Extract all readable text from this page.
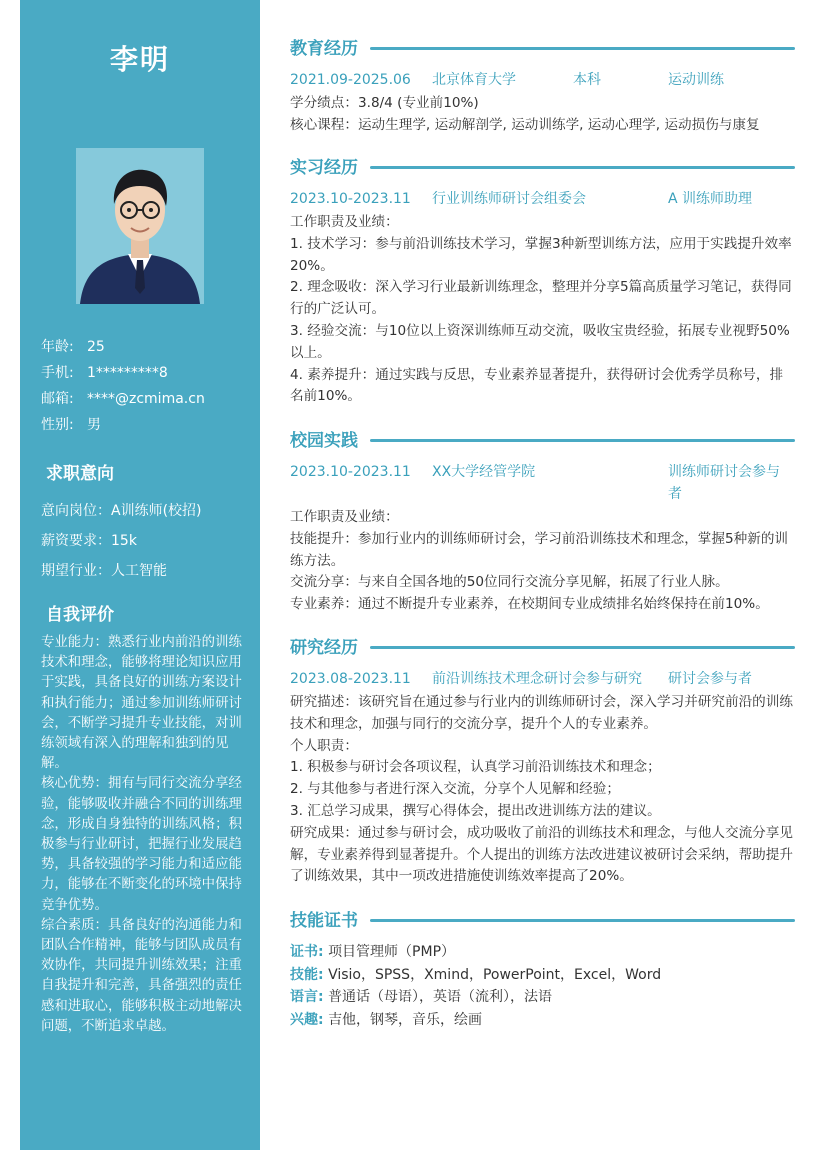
李明
年龄: 25
手机: 1*********8
邮箱: ****@zcmima.cn
性别: 男
求职意向
意向岗位：A训练师(校招)
薪资要求：15k
期望行业：人工智能
自我评价

专业能力：熟悉行业内前沿的训练技术和理念，能够将理论知识应用于实践，具备良好的训练方案设计和执行能力；通过参加训练师研讨会，不断学习提升专业技能，对训练领域有深入的理解和独到的见解。

核心优势：拥有与同行交流分享经验，能够吸收并融合不同的训练理念，形成自身独特的训练风格；积极参与行业研讨，把握行业发展趋势，具备较强的学习能力和适应能力，能够在不断变化的环境中保持竞争优势。

综合素质：具备良好的沟通能力和团队合作精神，能够与团队成员有效协作，共同提升训练效果；注重自我提升和完善，具备强烈的责任感和进取心，能够积极主动地解决问题，不断追求卓越。

教育经历
2021.09-2025.06 北京体育大学	本科	运动训练

学分绩点：3.8/4 (专业前10%)

核心课程：运动生理学, 运动解剖学, 运动训练学, 运动心理学, 运动损伤与康复

实习经历
2023.10-2023.11 行业训练师研讨会组委会	A 训练师助理

工作职责及业绩：

1. 技术学习：参与前沿训练技术学习，掌握3种新型训练方法，应用于实践提升效率20%。

2. 理念吸收：深入学习行业最新训练理念，整理并分享5篇高质量学习笔记，获得同行的广泛认可。

3. 经验交流：与10位以上资深训练师互动交流，吸收宝贵经验，拓展专业视野50%以上。

4. 素养提升：通过实践与反思，专业素养显著提升，获得研讨会优秀学员称号，排名前10%。

校园实践
2023.10-2023.11 XX大学经管学院	训练师研讨会参与者

工作职责及业绩：

技能提升：参加行业内的训练师研讨会，学习前沿训练技术和理念，掌握5种新的训练方法。

交流分享：与来自全国各地的50位同行交流分享见解，拓展了行业人脉。

专业素养：通过不断提升专业素养，在校期间专业成绩排名始终保持在前10%。

研究经历
2023.08-2023.11 前沿训练技术理念研讨会参与研究 研讨会参与者

研究描述：该研究旨在通过参与行业内的训练师研讨会，深入学习并研究前沿的训练技术和理念，加强与同行的交流分享，提升个人的专业素养。

个人职责：

1. 积极参与研讨会各项议程，认真学习前沿训练技术和理念；

2. 与其他参与者进行深入交流，分享个人见解和经验；

3. 汇总学习成果，撰写心得体会，提出改进训练方法的建议。

研究成果：通过参与研讨会，成功吸收了前沿的训练技术和理念，与他人交流分享见解，专业素养得到显著提升。个人提出的训练方法改进建议被研讨会采纳，帮助提升了训练效果，其中一项改进措施使训练效率提高了20%。

技能证书
证书: 项目管理师（PMP）
技能: Visio，SPSS，Xmind，PowerPoint，Excel，Word
语言: 普通话（母语），英语（流利），法语
兴趣: 吉他，钢琴，音乐，绘画
